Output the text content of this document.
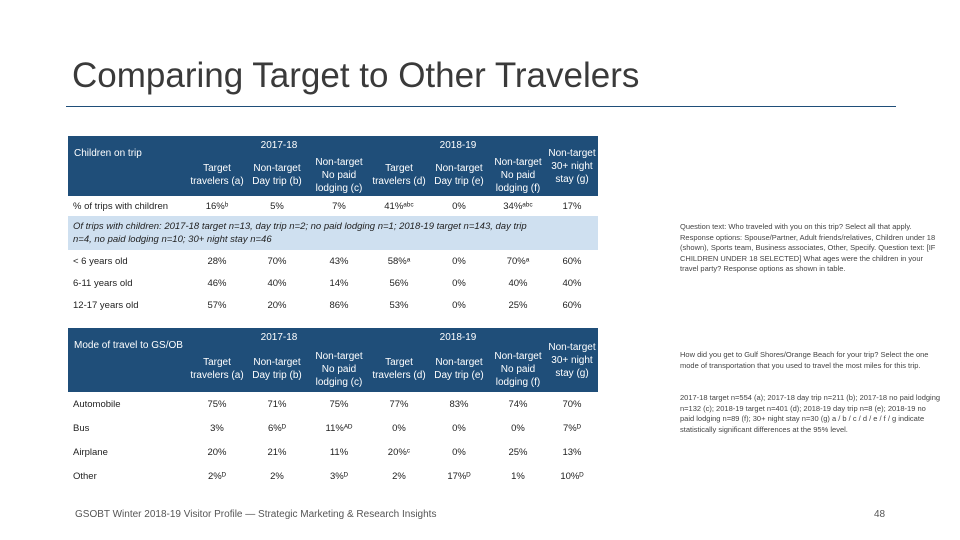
Comparing Target to Other Travelers
Children on trip	2017-18			2018-19			Non-target 30+ night stay (g)
	Target travelers (a)	Non-target Day trip (b)	Non-target No paid lodging (c)	Target travelers (d)	Non-target Day trip (e)	Non-target No paid lodging (f)	
% of trips with children	16%ᵇ	5%	7%	41%ᵃᵇᶜ	0%	34%ᵃᵇᶜ	17%
Of trips with children: 2017-18 target n=13, day trip n=2; no paid lodging n=1; 2018-19 target n=143, day trip n=4, no paid lodging n=10; 30+ night stay n=46							
< 6 years old	28%	70%	43%	58%ᵃ	0%	70%ᵃ	60%
6-11 years old	46%	40%	14%	56%	0%	40%	40%
12-17 years old	57%	20%	86%	53%	0%	25%	60%
Mode of travel to GS/OB	2017-18			2018-19			Non-target 30+ night stay (g)
	Target travelers (a)	Non-target Day trip (b)	Non-target No paid lodging (c)	Target travelers (d)	Non-target Day trip (e)	Non-target No paid lodging (f)	
Automobile	75%	71%	75%	77%	83%	74%	70%
Bus	3%	6%ᴰ	11%ᴬᴰ	0%	0%	0%	7%ᴰ
Airplane	20%	21%	11%	20%ᶜ	0%	25%	13%
Other	2%ᴰ	2%	3%ᴰ	2%	17%ᴰ	1%	10%ᴰ
Question text: Who traveled with you on this trip? Select all that apply. Response options: Spouse/Partner, Adult friends/relatives, Children under 18 (shown), Sports team, Business associates, Other, Specify. Question text: [IF CHILDREN UNDER 18 SELECTED] What ages were the children in your travel party? Response options as shown in table.
How did you get to Gulf Shores/Orange Beach for your trip? Select the one mode of transportation that you used to travel the most miles for this trip.
2017-18 target n=554 (a); 2017-18 day trip n=211 (b); 2017-18 no paid lodging n=132 (c); 2018-19 target n=401 (d); 2018-19 day trip n=8 (e); 2018-19 no paid lodging n=89 (f); 30+ night stay n=30 (g) a / b / c / d / e / f / g indicate statistically significant differences at the 95% level.
GSOBT Winter 2018-19 Visitor Profile — Strategic Marketing & Research Insights	48
